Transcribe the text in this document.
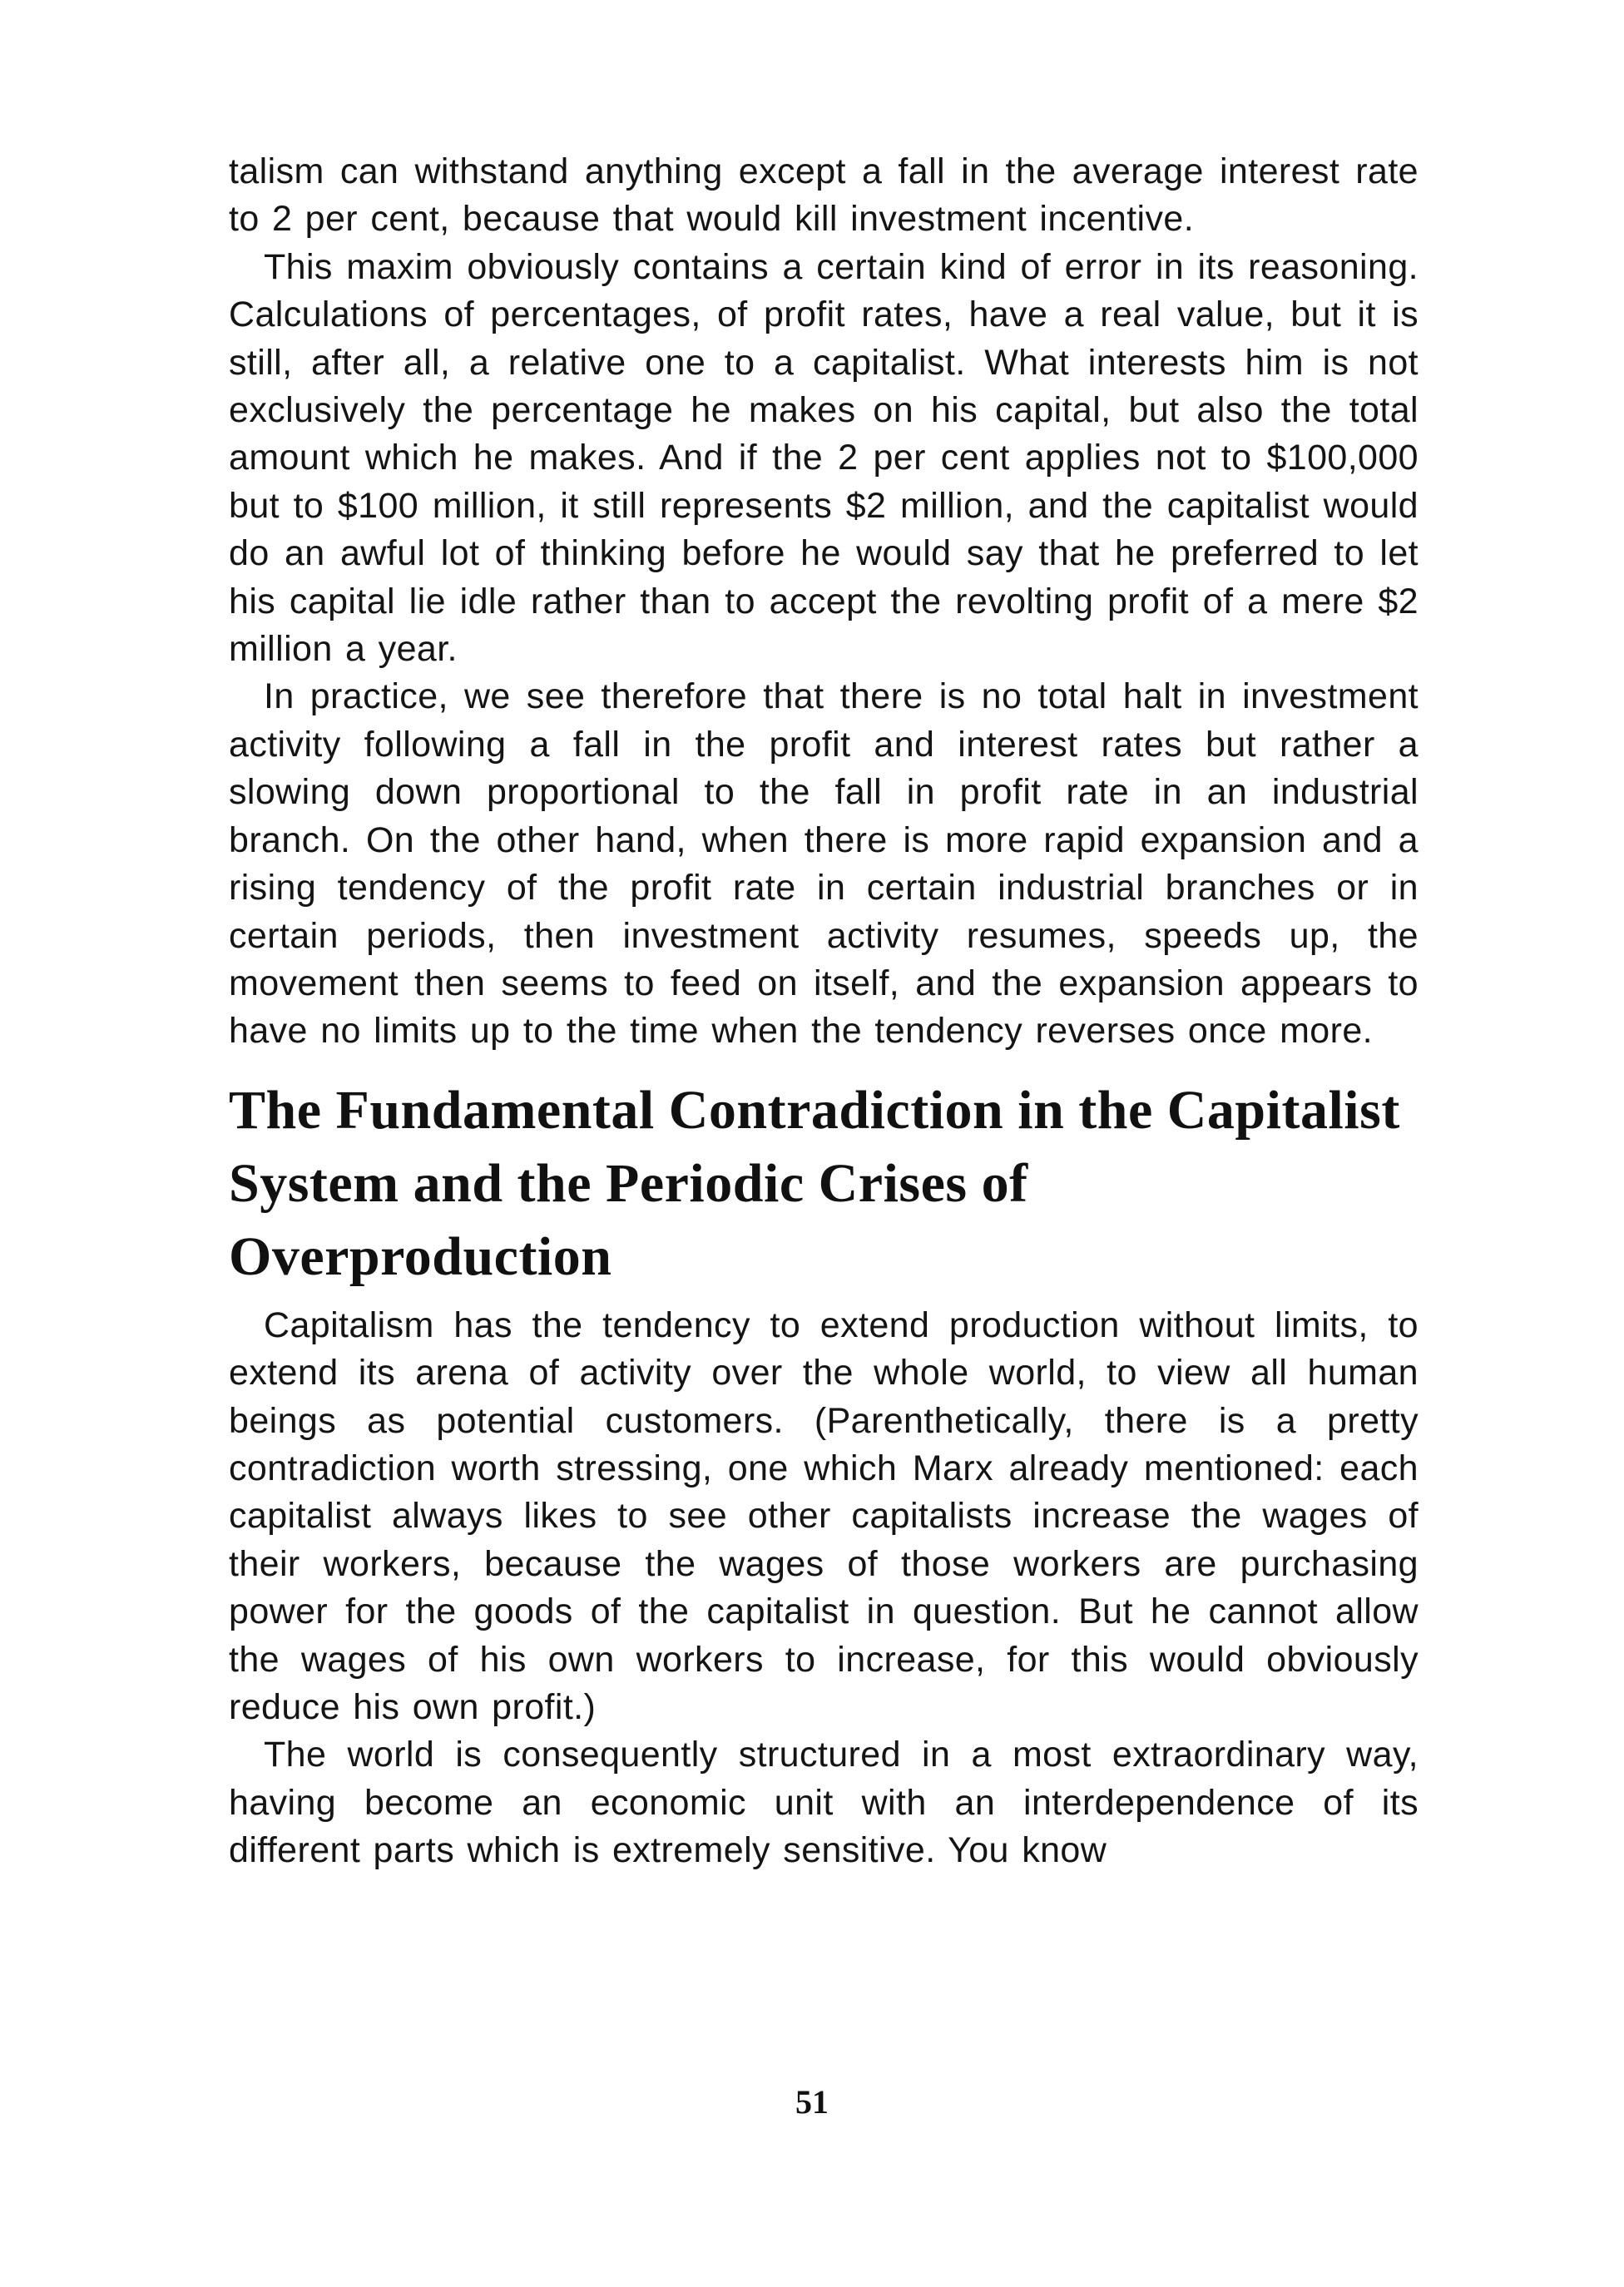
talism can withstand anything except a fall in the average interest rate to 2 per cent, because that would kill investment incentive.

This maxim obviously contains a certain kind of error in its reasoning. Calculations of percentages, of profit rates, have a real value, but it is still, after all, a relative one to a capitalist. What interests him is not exclusively the percentage he makes on his capital, but also the total amount which he makes. And if the 2 per cent applies not to $100,000 but to $100 million, it still represents $2 million, and the capitalist would do an awful lot of thinking before he would say that he preferred to let his capital lie idle rather than to accept the revolting profit of a mere $2 million a year.

In practice, we see therefore that there is no total halt in investment activity following a fall in the profit and interest rates but rather a slowing down proportional to the fall in profit rate in an industrial branch. On the other hand, when there is more rapid expansion and a rising tendency of the profit rate in certain industrial branches or in certain periods, then investment activity resumes, speeds up, the movement then seems to feed on itself, and the expansion appears to have no limits up to the time when the tendency reverses once more.

The Fundamental Contradiction in the Capitalist System and the Periodic Crises of Overproduction

Capitalism has the tendency to extend production without limits, to extend its arena of activity over the whole world, to view all human beings as potential customers. (Parenthetically, there is a pretty contradiction worth stressing, one which Marx already mentioned: each capitalist always likes to see other capitalists increase the wages of their workers, because the wages of those workers are purchasing power for the goods of the capitalist in question. But he cannot allow the wages of his own workers to increase, for this would obviously reduce his own profit.)

The world is consequently structured in a most extraordinary way, having become an economic unit with an interdependence of its different parts which is extremely sensitive. You know

51
